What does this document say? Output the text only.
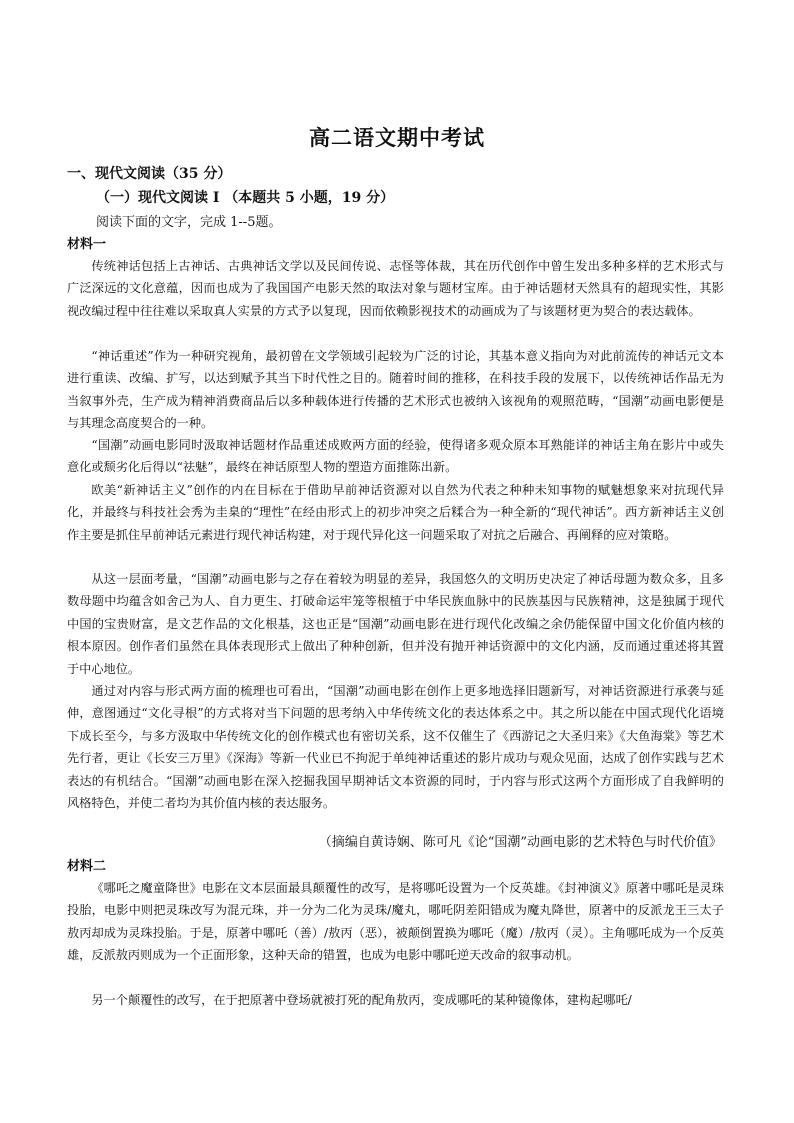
高二语文期中考试
一、现代文阅读（35 分）
（一）现代文阅读 I （本题共 5 小题，19 分）
阅读下面的文字，完成 1--5题。
材料一

传统神话包括上古神话、古典神话文学以及民间传说、志怪等体裁，其在历代创作中曾生发出多种多样的艺术形式与广泛深远的文化意蕴，因而也成为了我国国产电影天然的取法对象与题材宝库。由于神话题材天然具有的超现实性，其影视改编过程中往往难以采取真人实景的方式予以复现，因而依赖影视技术的动画成为了与该题材更为契合的表达载体。

“神话重述”作为一种研究视角，最初曾在文学领域引起较为广泛的讨论，其基本意义指向为对此前流传的神话元文本进行重读、改编、扩写，以达到赋予其当下时代性之目的。随着时间的推移，在科技手段的发展下，以传统神话作品无为当叙事外壳，生产成为精神消费商品后以多种载体进行传播的艺术形式也被纳入该视角的观照范畴，“国潮”动画电影便是与其理念高度契合的一种。

“国潮”动画电影同时汲取神话题材作品重述成败两方面的经验，使得诸多观众原本耳熟能详的神话主角在影片中或失意化或颓劣化后得以“祛魅”，最终在神话原型人物的塑造方面推陈出新。

欧美“新神话主义”创作的内在目标在于借助早前神话资源对以自然为代表之种种未知事物的赋魅想象来对抗现代异化，并最终与科技社会秀为圭臬的“理性”在经由形式上的初步冲突之后糅合为一种全新的“现代神话”。西方新神话主义创作主要是抓住早前神话元素进行现代神话构建，对于现代异化这一问题采取了对抗之后融合、再阐释的应对策略。

从这一层面考量，“国潮”动画电影与之存在着较为明显的差异，我国悠久的文明历史决定了神话母题为数众多，且多数母题中均蕴含如舍己为人、自力更生、打破命运牢笼等根植于中华民族血脉中的民族基因与民族精神，这是独属于现代中国的宝贵财富，是文艺作品的文化根基，这也正是“国潮”动画电影在进行现代化改编之余仍能保留中国文化价值内核的根本原因。创作者们虽然在具体表现形式上做出了种种创新，但并没有抛开神话资源中的文化内涵，反而通过重述将其置于中心地位。

通过对内容与形式两方面的梳理也可看出，“国潮”动画电影在创作上更多地选择旧题新写，对神话资源进行承袭与延伸，意图通过“文化寻根”的方式将对当下问题的思考纳入中华传统文化的表达体系之中。其之所以能在中国式现代化语境下成长至今，与多方汲取中华传统文化的创作模式也有密切关系，这不仅催生了《西游记之大圣归来》《大鱼海棠》等艺术先行者，更让《长安三万里》《深海》等新一代业已不拘泥于单纯神话重述的影片成功与观众见面，达成了创作实践与艺术表达的有机结合。“国潮”动画电影在深入挖掘我国早期神话文本资源的同时，于内容与形式这两个方面形成了自我鲜明的风格特色，并使二者均为其价值内核的表达服务。

（摘编自黄诗娴、陈可凡《论“国潮”动画电影的艺术特色与时代价值》
材料二

《哪吒之魔童降世》电影在文本层面最具颠覆性的改写，是将哪吒设置为一个反英雄。《封神演义》原著中哪吒是灵珠投胎，电影中则把灵珠改写为混元珠，并一分为二化为灵珠/魔丸，哪吒阴差阳错成为魔丸降世，原著中的反派龙王三太子敖丙却成为灵珠投胎。于是，原著中哪吒（善）/敖丙（恶），被颠倒置换为哪吒（魔）/敖丙（灵）。主角哪吒成为一个反英雄，反派敖丙则成为一个正面形象，这种天命的错置，也成为电影中哪吒逆天改命的叙事动机。

另一个颠覆性的改写，在于把原著中登场就被打死的配角敖丙，变成哪吒的某种镜像体，建构起哪吒/
